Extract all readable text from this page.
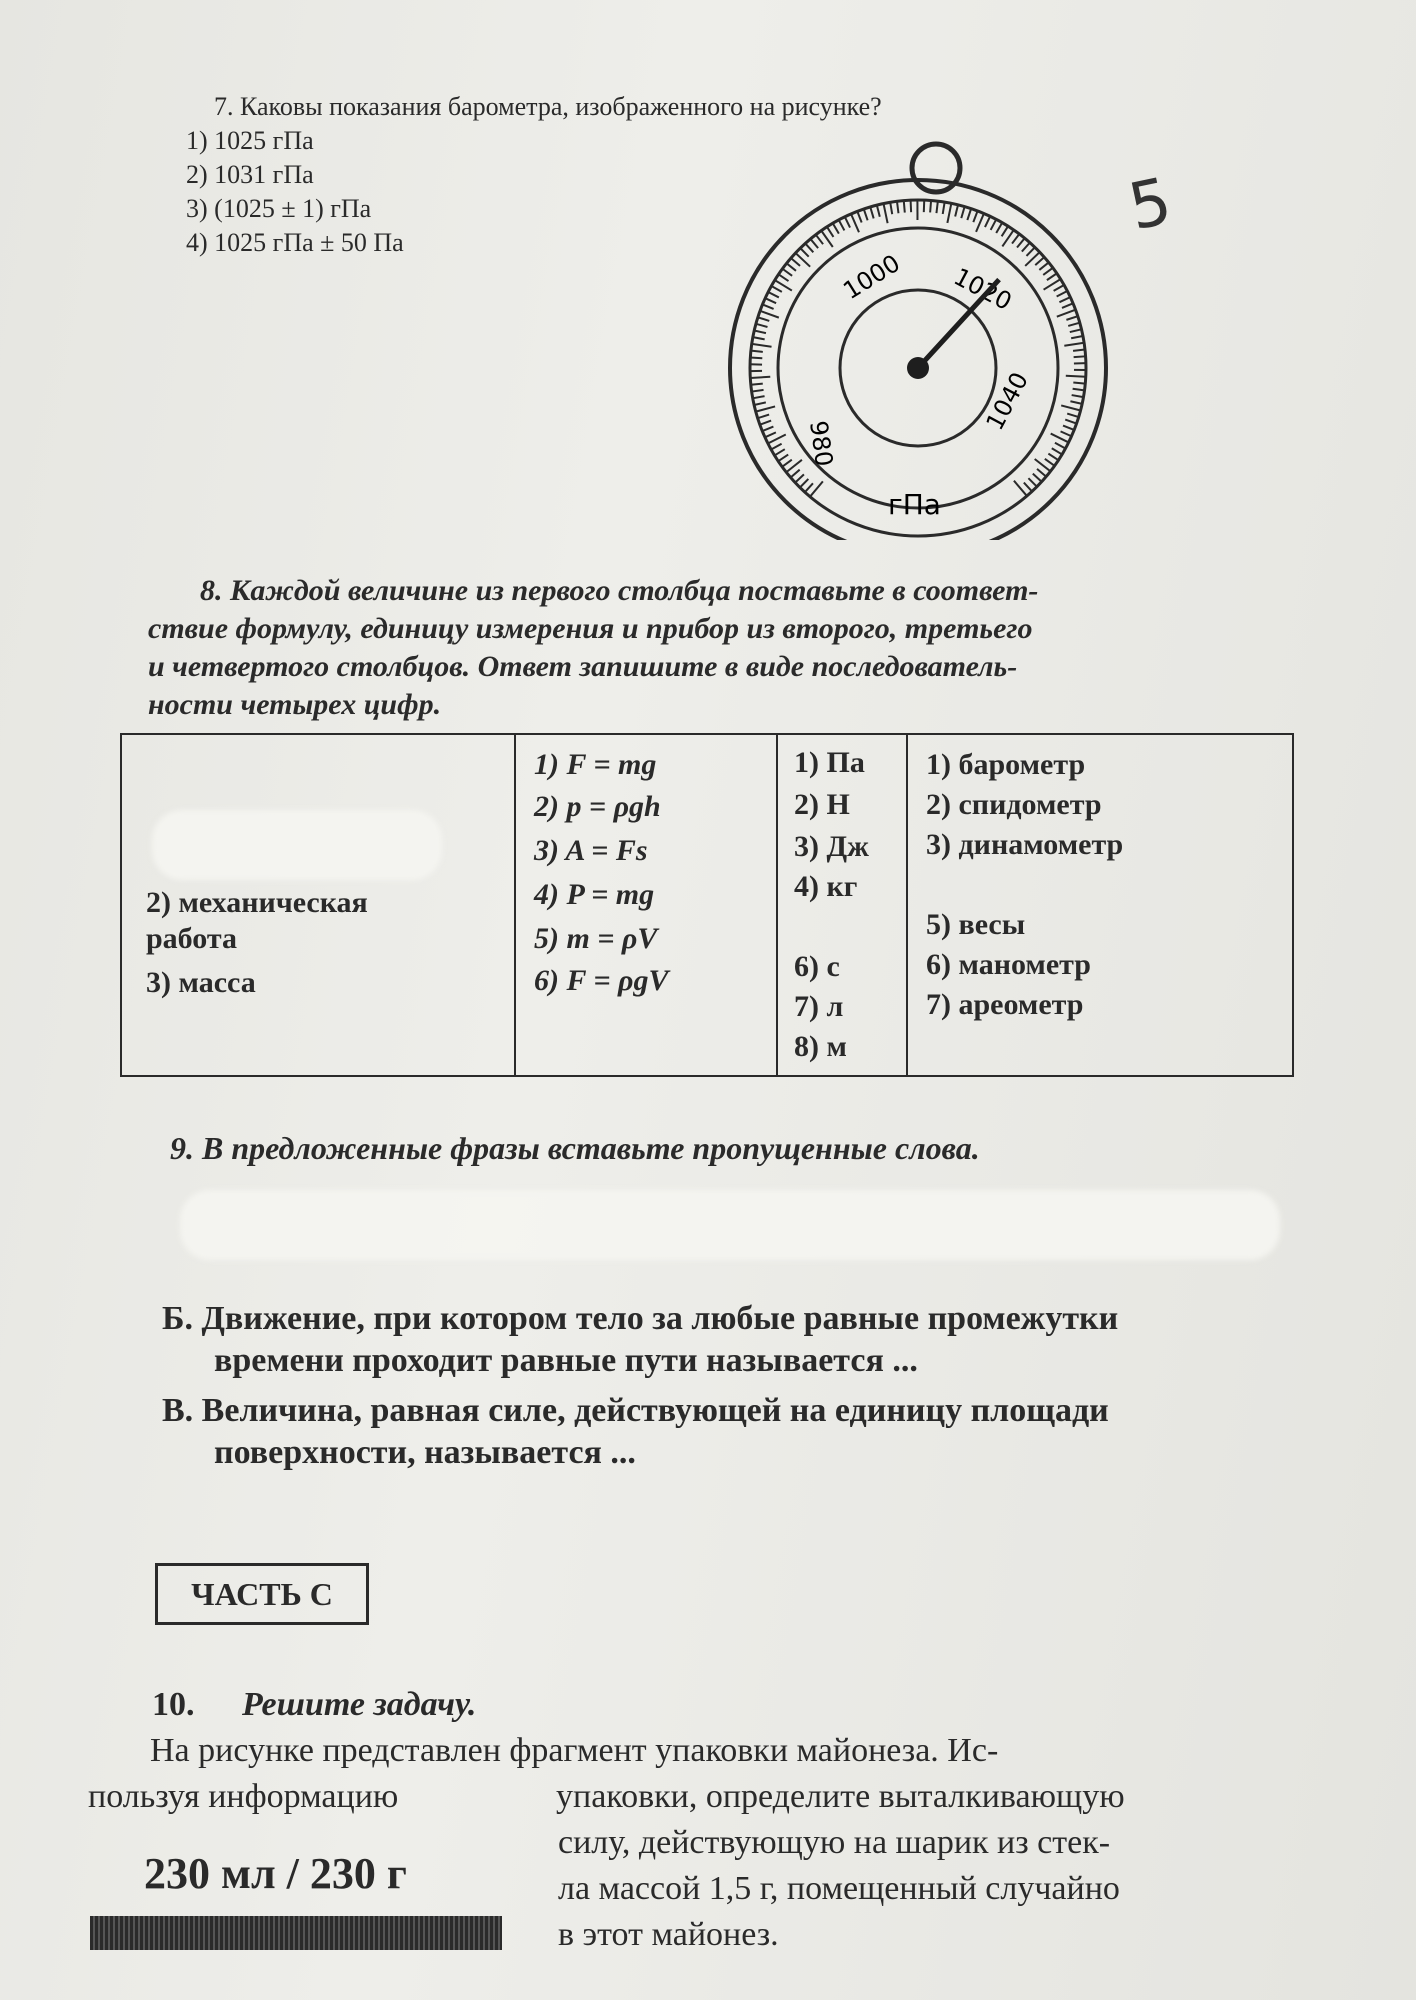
7. Каковы показания барометра, изображенного на рисунке?
1) 1025 гПа
2) 1031 гПа
3) (1025 ± 1) гПа
4) 1025 гПа ± 50 Па	5
1000 1020
1040
980
гПа
8. Каждой величине из первого столбца поставьте в соответ-
ствие формулу, единицу измерения и прибор из второго, третьего
и четвертого столбцов. Ответ запишите в виде последователь-
ности четырех цифр.
2) механическая
работа
3) масса
1) F = mg
2) p = ρgh
3) A = Fs
4) P = mg
5) m = ρV
6) F = ρgV
1) Па
2) Н
3) Дж
4) кг
6) с
7) л
8) м
1) барометр
2) спидометр
3) динамометр
5) весы
6) манометр
7) ареометр
9. В предложенные фразы вставьте пропущенные слова.
Б. Движение, при котором тело за любые равные промежутки
времени проходит равные пути называется ...
В. Величина, равная силе, действующей на единицу площади
поверхности, называется ...
ЧАСТЬ С
10. Решите задачу.
На рисунке представлен фрагмент упаковки майонеза. Ис-
пользуя информацию	упаковки, определите выталкивающую
силу, действующую на шарик из стек-
ла массой 1,5 г, помещенный случайно
в этот майонез.
230 мл / 230 г
